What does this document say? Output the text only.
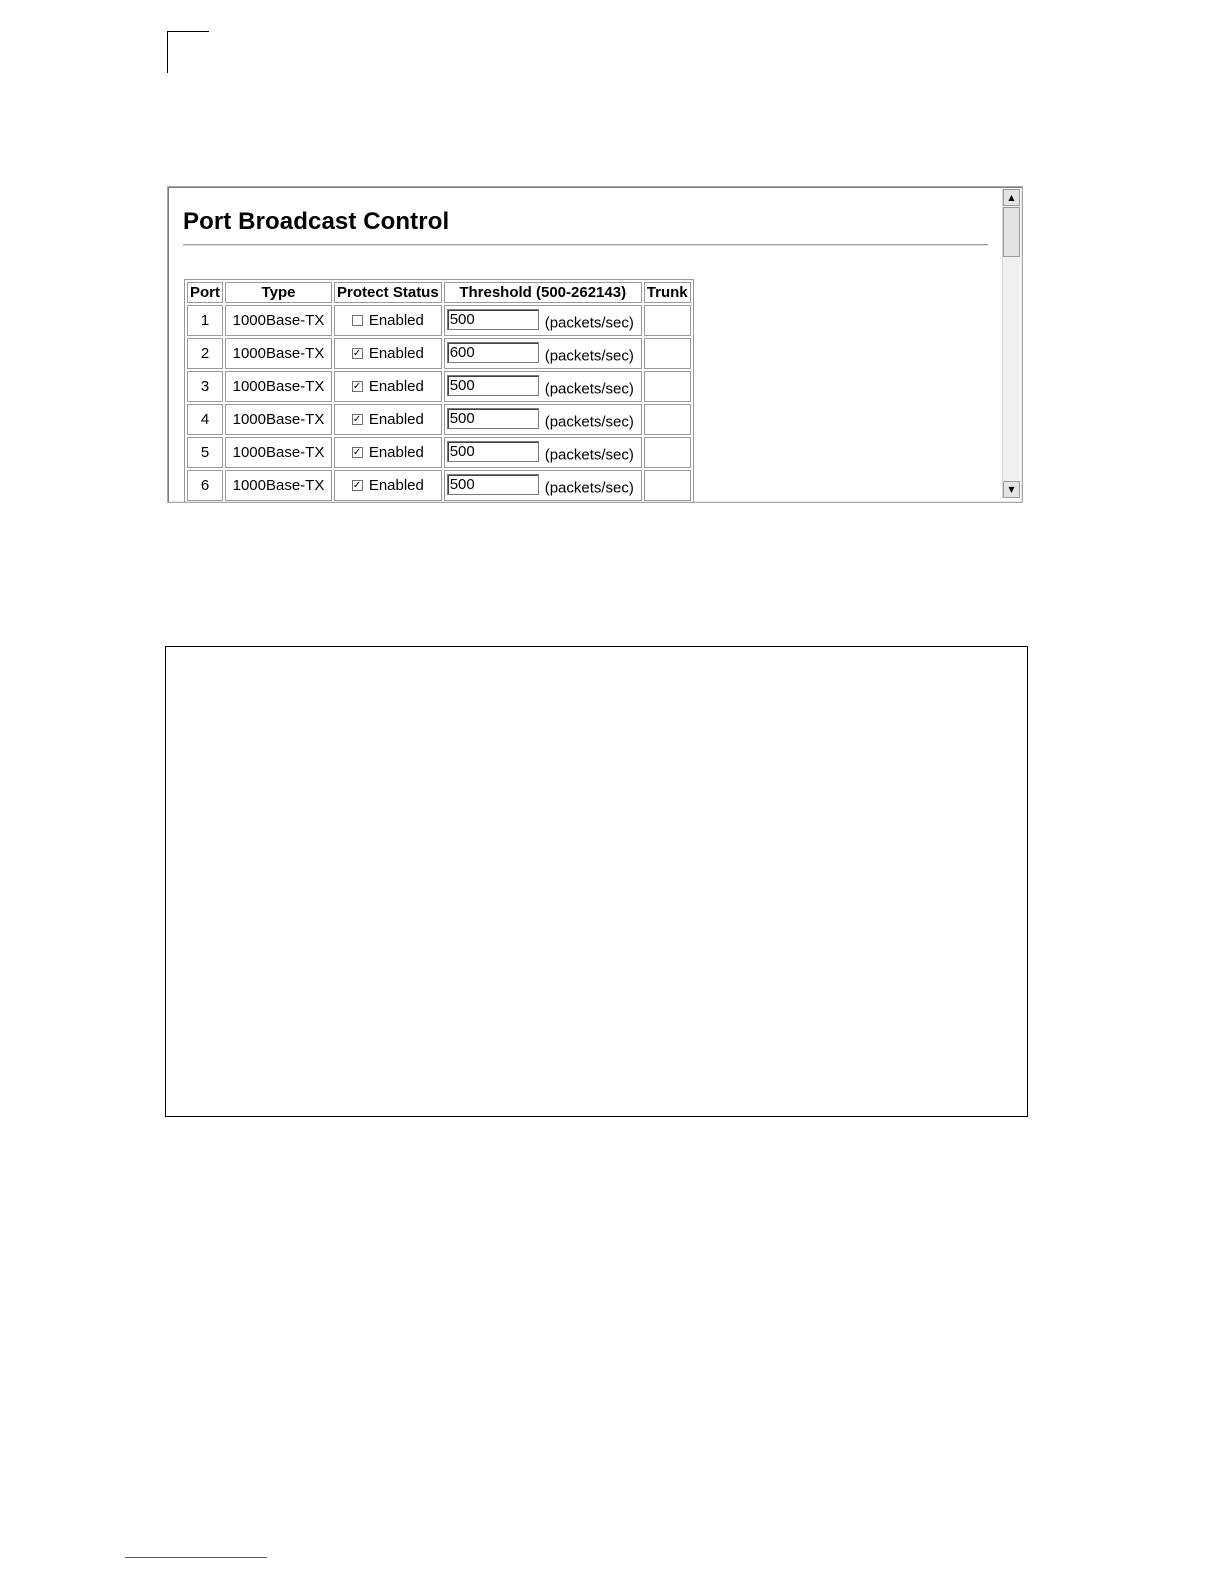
Port Broadcast Control
Port	Type	Protect Status	Threshold (500-262143)	Trunk
1	1000Base-TX	Enabled	500 (packets/sec)	
2	1000Base-TX	✓Enabled	600 (packets/sec)	
3	1000Base-TX	✓Enabled	500 (packets/sec)	
4	1000Base-TX	✓Enabled	500 (packets/sec)	
5	1000Base-TX	✓Enabled	500 (packets/sec)	
6	1000Base-TX	✓Enabled	500 (packets/sec)	
▲
▼
